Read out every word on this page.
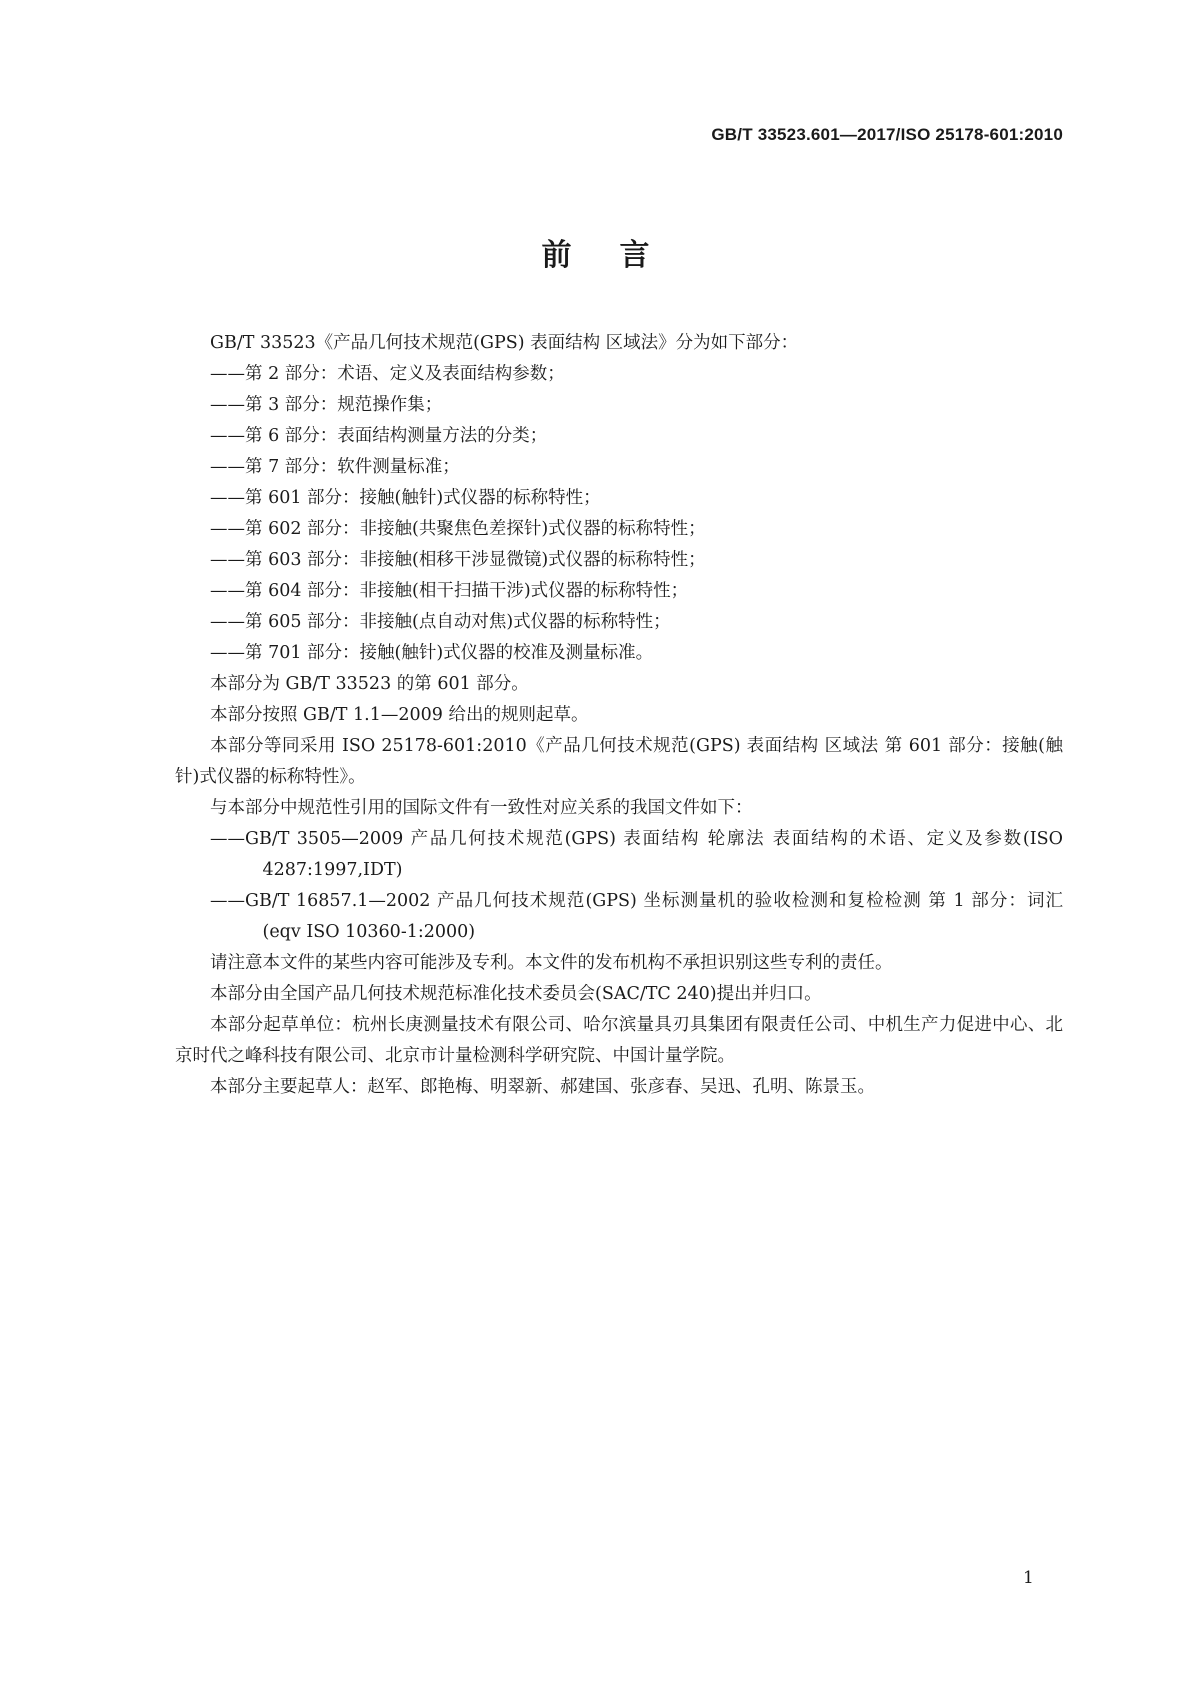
GB/T 33523.601—2017/ISO 25178-601:2010
前言

GB/T 33523《产品几何技术规范(GPS) 表面结构 区域法》分为如下部分：

——第 2 部分：术语、定义及表面结构参数；

——第 3 部分：规范操作集；

——第 6 部分：表面结构测量方法的分类；

——第 7 部分：软件测量标准；

——第 601 部分：接触(触针)式仪器的标称特性；

——第 602 部分：非接触(共聚焦色差探针)式仪器的标称特性；

——第 603 部分：非接触(相移干涉显微镜)式仪器的标称特性；

——第 604 部分：非接触(相干扫描干涉)式仪器的标称特性；

——第 605 部分：非接触(点自动对焦)式仪器的标称特性；

——第 701 部分：接触(触针)式仪器的校准及测量标准。

本部分为 GB/T 33523 的第 601 部分。

本部分按照 GB/T 1.1—2009 给出的规则起草。

本部分等同采用 ISO 25178-601:2010《产品几何技术规范(GPS) 表面结构 区域法 第 601 部分：接触(触针)式仪器的标称特性》。

与本部分中规范性引用的国际文件有一致性对应关系的我国文件如下：

——GB/T 3505—2009 产品几何技术规范(GPS) 表面结构 轮廓法 表面结构的术语、定义及参数(ISO 4287:1997,IDT)

——GB/T 16857.1—2002 产品几何技术规范(GPS) 坐标测量机的验收检测和复检检测 第 1 部分：词汇(eqv ISO 10360-1:2000)

请注意本文件的某些内容可能涉及专利。本文件的发布机构不承担识别这些专利的责任。

本部分由全国产品几何技术规范标准化技术委员会(SAC/TC 240)提出并归口。

本部分起草单位：杭州长庚测量技术有限公司、哈尔滨量具刃具集团有限责任公司、中机生产力促进中心、北京时代之峰科技有限公司、北京市计量检测科学研究院、中国计量学院。

本部分主要起草人：赵军、郎艳梅、明翠新、郝建国、张彦春、吴迅、孔明、陈景玉。

1
